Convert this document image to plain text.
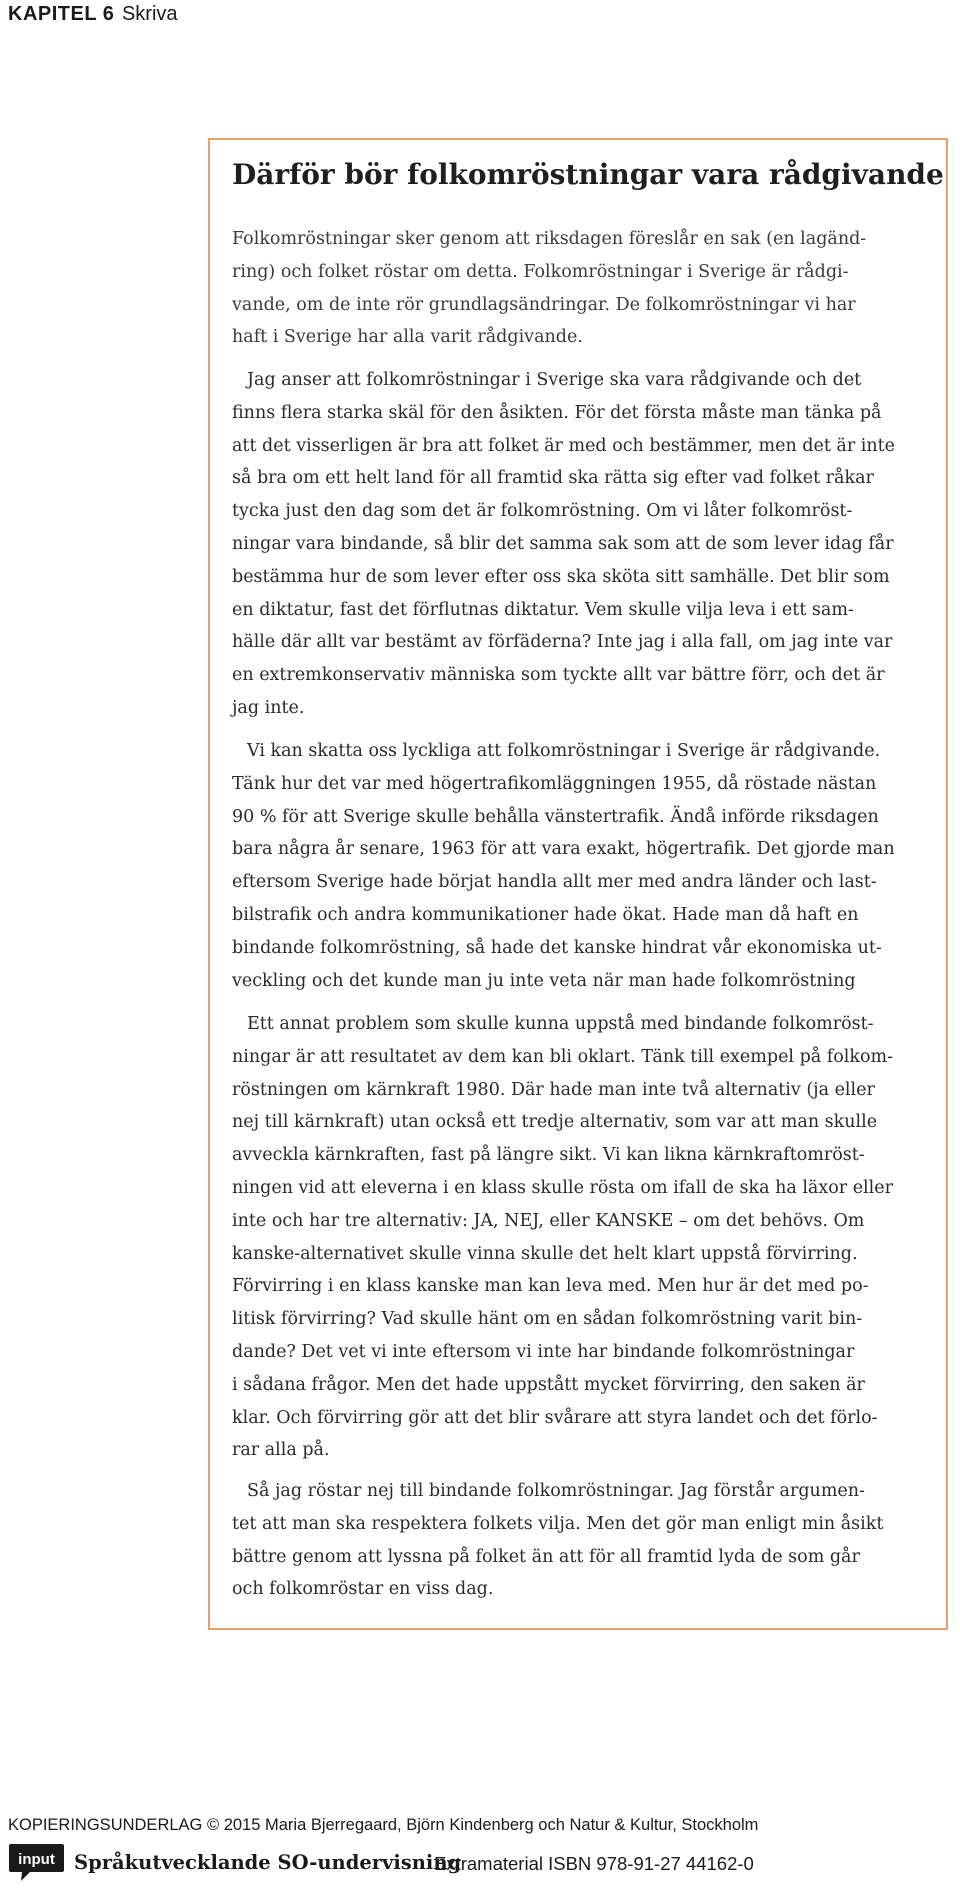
KAPITEL 6 Skriva
Därför bör folkomröstningar vara rådgivande
Folkomröstningar sker genom att riksdagen föreslår en sak (en lagänd-
ring) och folket röstar om detta. Folkomröstningar i Sverige är rådgi-
vande, om de inte rör grundlagsändringar. De folkomröstningar vi har
haft i Sverige har alla varit rådgivande.
Jag anser att folkomröstningar i Sverige ska vara rådgivande och det
finns flera starka skäl för den åsikten. För det första måste man tänka på
att det visserligen är bra att folket är med och bestämmer, men det är inte
så bra om ett helt land för all framtid ska rätta sig efter vad folket råkar
tycka just den dag som det är folkomröstning. Om vi låter folkomröst-
ningar vara bindande, så blir det samma sak som att de som lever idag får
bestämma hur de som lever efter oss ska sköta sitt samhälle. Det blir som
en diktatur, fast det förflutnas diktatur. Vem skulle vilja leva i ett sam-
hälle där allt var bestämt av förfäderna? Inte jag i alla fall, om jag inte var
en extremkonservativ människa som tyckte allt var bättre förr, och det är
jag inte.
Vi kan skatta oss lyckliga att folkomröstningar i Sverige är rådgivande.
Tänk hur det var med högertrafikomläggningen 1955, då röstade nästan
90 % för att Sverige skulle behålla vänstertrafik. Ändå införde riksdagen
bara några år senare, 1963 för att vara exakt, högertrafik. Det gjorde man
eftersom Sverige hade börjat handla allt mer med andra länder och last-
bilstrafik och andra kommunikationer hade ökat. Hade man då haft en
bindande folkomröstning, så hade det kanske hindrat vår ekonomiska ut-
veckling och det kunde man ju inte veta när man hade folkomröstning
Ett annat problem som skulle kunna uppstå med bindande folkomröst-
ningar är att resultatet av dem kan bli oklart. Tänk till exempel på folkom-
röstningen om kärnkraft 1980. Där hade man inte två alternativ (ja eller
nej till kärnkraft) utan också ett tredje alternativ, som var att man skulle
avveckla kärnkraften, fast på längre sikt. Vi kan likna kärnkraftomröst-
ningen vid att eleverna i en klass skulle rösta om ifall de ska ha läxor eller
inte och har tre alternativ: JA, NEJ, eller KANSKE – om det behövs. Om
kanske-alternativet skulle vinna skulle det helt klart uppstå förvirring.
Förvirring i en klass kanske man kan leva med. Men hur är det med po-
litisk förvirring? Vad skulle hänt om en sådan folkomröstning varit bin-
dande? Det vet vi inte eftersom vi inte har bindande folkomröstningar
i sådana frågor. Men det hade uppstått mycket förvirring, den saken är
klar. Och förvirring gör att det blir svårare att styra landet och det förlo-
rar alla på.
Så jag röstar nej till bindande folkomröstningar. Jag förstår argumen-
tet att man ska respektera folkets vilja. Men det gör man enligt min åsikt
bättre genom att lyssna på folket än att för all framtid lyda de som går
och folkomröstar en viss dag.
KOPIERINGSUNDERLAG © 2015 Maria Bjerregaard, Björn Kindenberg och Natur & Kultur, Stockholm
input Språkutvecklande SO-undervisning
Extramaterial ISBN 978-91-27 44162-0
